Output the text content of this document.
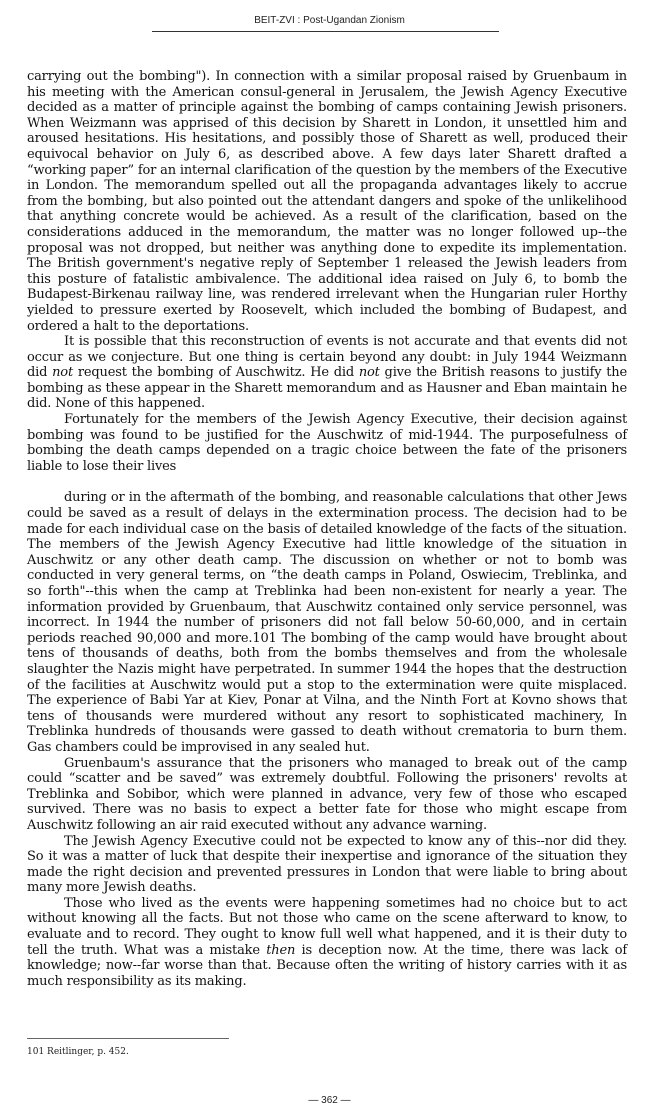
BEIT-ZVI : Post-Ugandan Zionism

carrying out the bombing"). In connection with a similar proposal raised by Gruenbaum in his meeting with the American consul-general in Jerusalem, the Jewish Agency Executive decided as a matter of principle against the bombing of camps containing Jewish prisoners. When Weizmann was apprised of this decision by Sharett in London, it unsettled him and aroused hesitations. His hesitations, and possibly those of Sharett as well, produced their equivocal behavior on July 6, as described above. A few days later Sharett drafted a “working paper” for an internal clarification of the question by the members of the Executive in London. The memorandum spelled out all the propaganda advantages likely to accrue from the bombing, but also pointed out the attendant dangers and spoke of the unlikelihood that anything concrete would be achieved. As a result of the clarification, based on the considerations adduced in the memorandum, the matter was no longer followed up--the proposal was not dropped, but neither was anything done to expedite its implementation. The British government's negative reply of September 1 released the Jewish leaders from this posture of fatalistic ambivalence. The additional idea raised on July 6, to bomb the Budapest-Birkenau railway line, was rendered irrelevant when the Hungarian ruler Horthy yielded to pressure exerted by Roosevelt, which included the bombing of Budapest, and ordered a halt to the deportations.

It is possible that this reconstruction of events is not accurate and that events did not occur as we conjecture. But one thing is certain beyond any doubt: in July 1944 Weizmann did not request the bombing of Auschwitz. He did not give the British reasons to justify the bombing as these appear in the Sharett memorandum and as Hausner and Eban maintain he did. None of this happened.

Fortunately for the members of the Jewish Agency Executive, their decision against bombing was found to be justified for the Auschwitz of mid-1944. The purposefulness of bombing the death camps depended on a tragic choice between the fate of the prisoners liable to lose their lives

during or in the aftermath of the bombing, and reasonable calculations that other Jews could be saved as a result of delays in the extermination process. The decision had to be made for each individual case on the basis of detailed knowledge of the facts of the situation. The members of the Jewish Agency Executive had little knowledge of the situation in Auschwitz or any other death camp. The discussion on whether or not to bomb was conducted in very general terms, on “the death camps in Poland, Oswiecim, Treblinka, and so forth"--this when the camp at Treblinka had been non-existent for nearly a year. The information provided by Gruenbaum, that Auschwitz contained only service personnel, was incorrect. In 1944 the number of prisoners did not fall below 50-60,000, and in certain periods reached 90,000 and more.101 The bombing of the camp would have brought about tens of thousands of deaths, both from the bombs themselves and from the wholesale slaughter the Nazis might have perpetrated. In summer 1944 the hopes that the destruction of the facilities at Auschwitz would put a stop to the extermination were quite misplaced. The experience of Babi Yar at Kiev, Ponar at Vilna, and the Ninth Fort at Kovno shows that tens of thousands were murdered without any resort to sophisticated machinery, In Treblinka hundreds of thousands were gassed to death without crematoria to burn them. Gas chambers could be improvised in any sealed hut.

Gruenbaum's assurance that the prisoners who managed to break out of the camp could “scatter and be saved” was extremely doubtful. Following the prisoners' revolts at Treblinka and Sobibor, which were planned in advance, very few of those who escaped survived. There was no basis to expect a better fate for those who might escape from Auschwitz following an air raid executed without any advance warning.

The Jewish Agency Executive could not be expected to know any of this--nor did they. So it was a matter of luck that despite their inexpertise and ignorance of the situation they made the right decision and prevented pressures in London that were liable to bring about many more Jewish deaths.

Those who lived as the events were happening sometimes had no choice but to act without knowing all the facts. But not those who came on the scene afterward to know, to evaluate and to record. They ought to know full well what happened, and it is their duty to tell the truth. What was a mistake then is deception now. At the time, there was lack of knowledge; now--far worse than that. Because often the writing of history carries with it as much responsibility as its making.

101 Reitlinger, p. 452.
— 362 —
